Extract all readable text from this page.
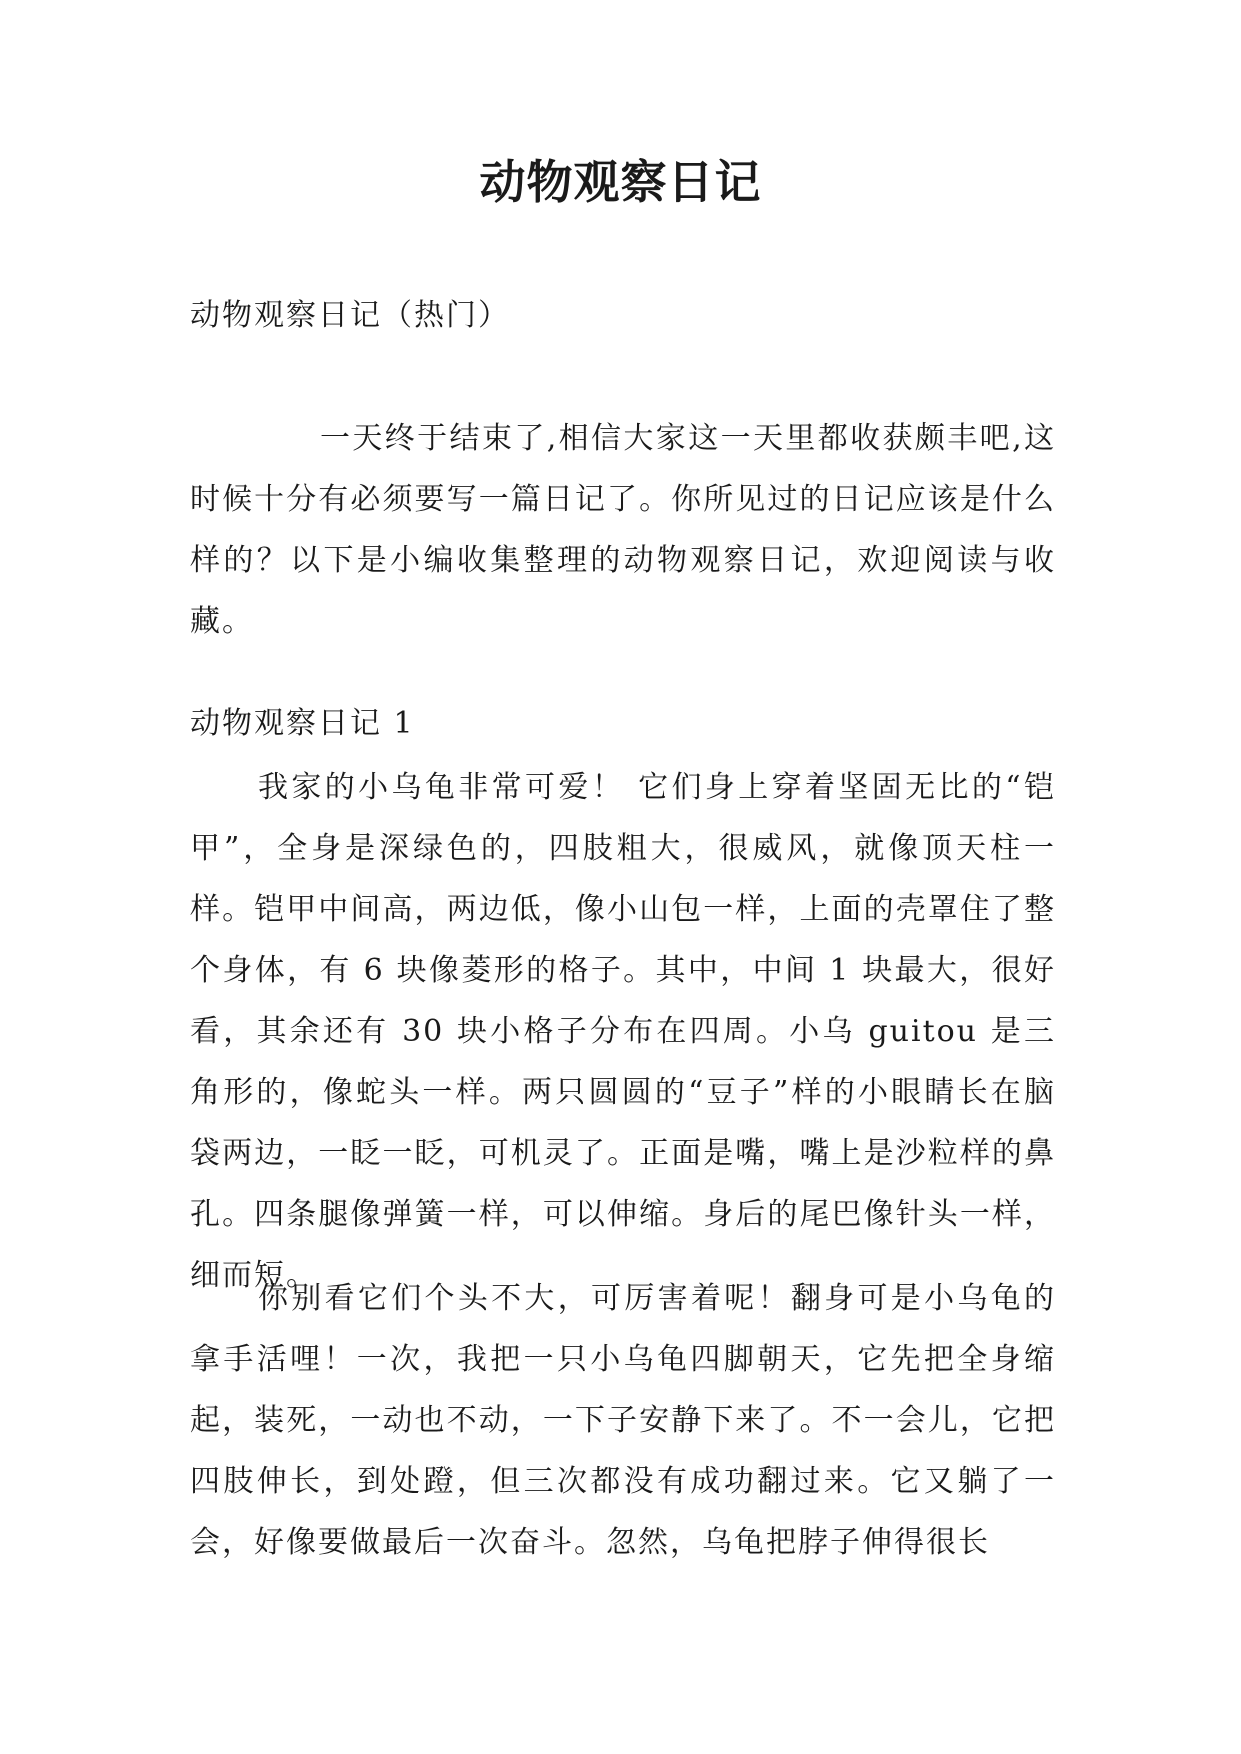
动物观察日记

动物观察日记（热门）

一天终于结束了,相信大家这一天里都收获颇丰吧,这时候十分有必须要写一篇日记了。你所见过的日记应该是什么样的？以下是小编收集整理的动物观察日记，欢迎阅读与收藏。

动物观察日记 1

我家的小乌龟非常可爱！ 它们身上穿着坚固无比的“铠甲”，全身是深绿色的，四肢粗大，很威风，就像顶天柱一样。铠甲中间高，两边低，像小山包一样，上面的壳罩住了整个身体，有 6 块像菱形的格子。其中，中间 1 块最大，很好看，其余还有 30 块小格子分布在四周。小乌 guitou 是三角形的，像蛇头一样。两只圆圆的“豆子”样的小眼睛长在脑袋两边，一眨一眨，可机灵了。正面是嘴，嘴上是沙粒样的鼻孔。四条腿像弹簧一样，可以伸缩。身后的尾巴像针头一样，细而短。

你别看它们个头不大，可厉害着呢！翻身可是小乌龟的拿手活哩！一次，我把一只小乌龟四脚朝天，它先把全身缩起，装死，一动也不动，一下子安静下来了。不一会儿，它把四肢伸长，到处蹬，但三次都没有成功翻过来。它又躺了一会，好像要做最后一次奋斗。忽然，乌龟把脖子伸得很长
